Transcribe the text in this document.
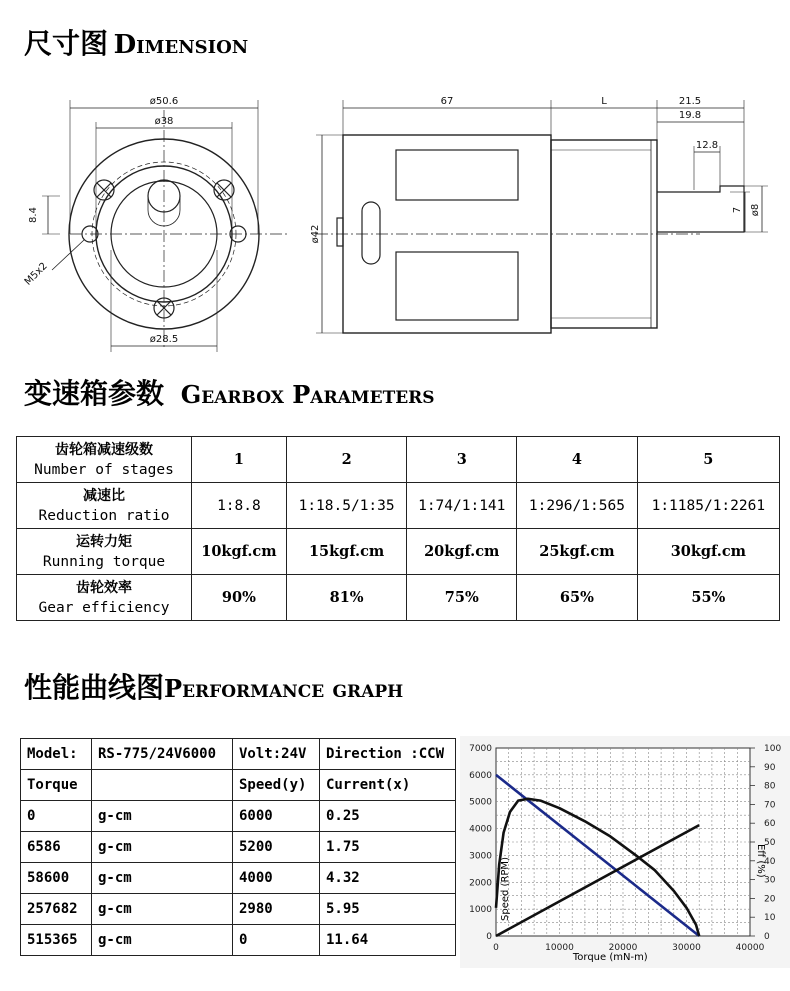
尺寸图 Dimension
ø50.6
ø38
ø28.5
8.4
M5x2
67	L	21.5
19.8
12.8
7 ø8
ø42
变速箱参数 Gearbox Parameters
齿轮箱减速级数
Number of stages	1	2	3	4	5
减速比
Reduction ratio	1:8.8	1:18.5/1:35	1:74/1:141	1:296/1:565	1:1185/1:2261
运转力矩
Running torque	10kgf.cm	15kgf.cm	20kgf.cm	25kgf.cm	30kgf.cm
齿轮效率
Gear efficiency	90%	81%	75%	65%	55%
性能曲线图Performance graph
Model:	RS-775/24V6000	Volt:24V	Direction :CCW
Torque		Speed(y)	Current(x)
0	g-cm	6000	0.25
6586	g-cm	5200	1.75
58600	g-cm	4000	4.32
257682	g-cm	2980	5.95
515365	g-cm	0	11.64	0	10000	20000	30000	40000
0
1000
2000
3000
4000
5000
6000
7000
0
10
20
30
40
50
60
70
80
90
100
Torque (mN-m)
Speed (RPM)	Eff (%)
